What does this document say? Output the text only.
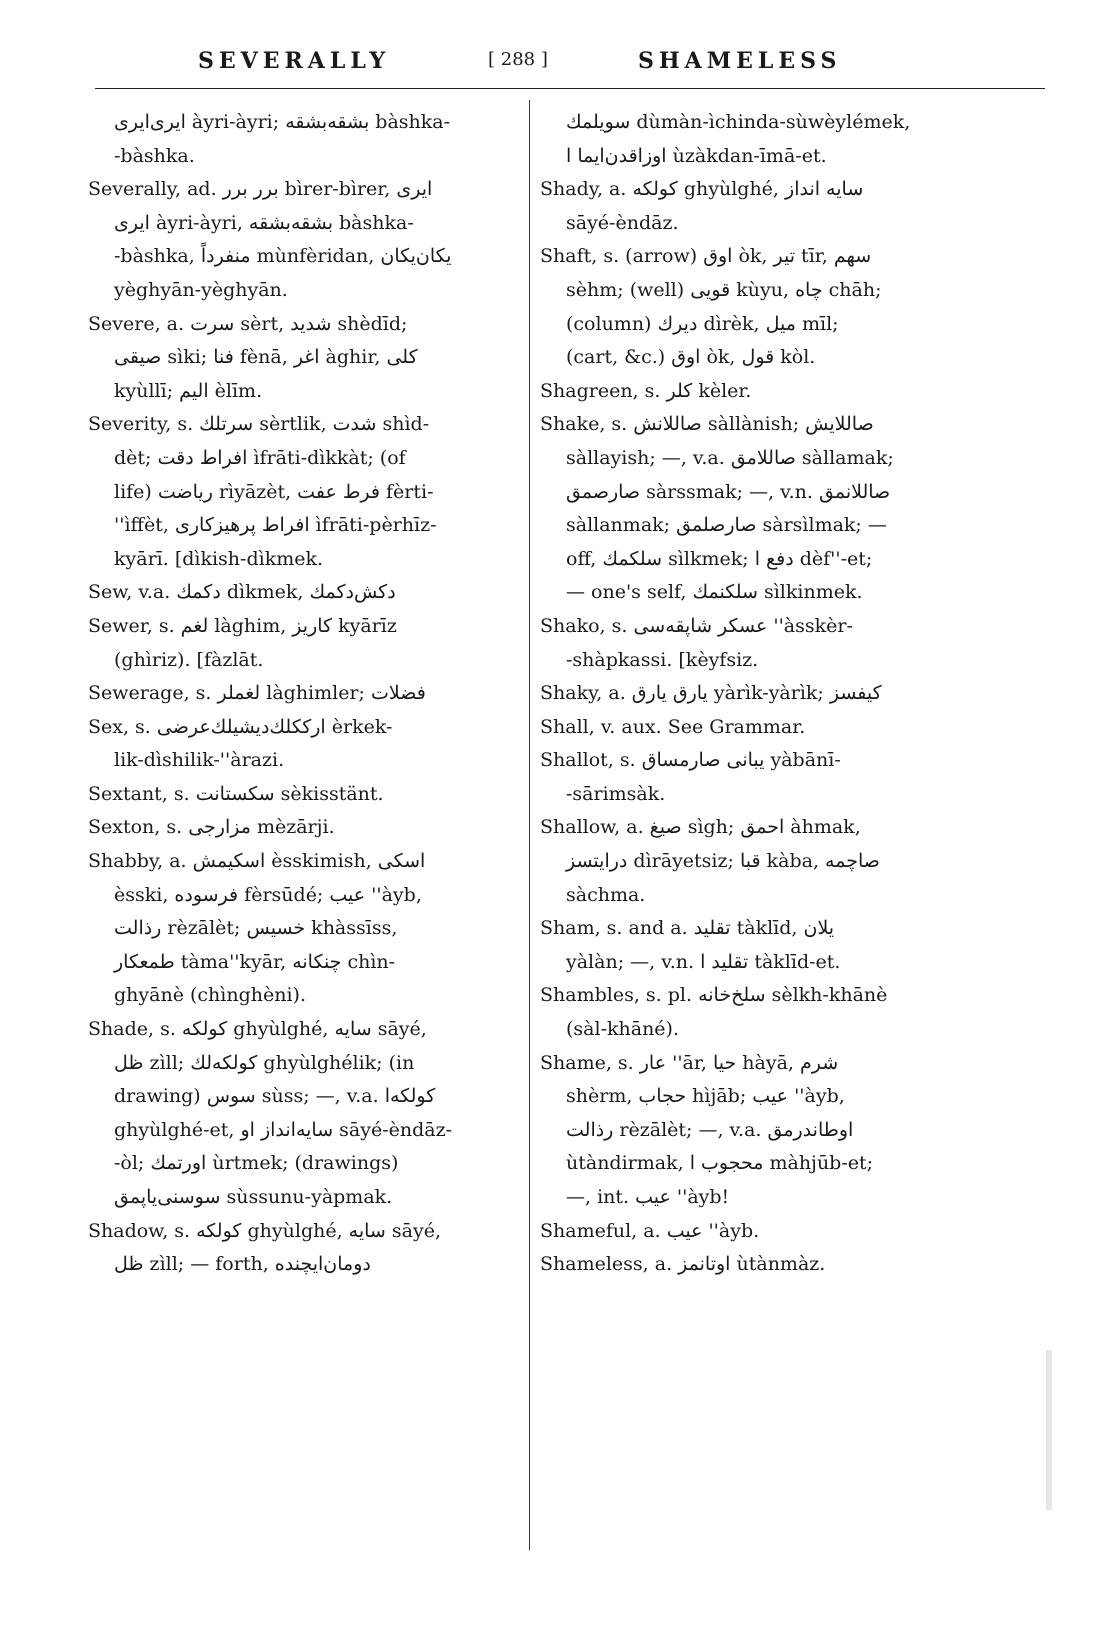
SEVERALLY	[ 288 ]	SHAMELESS
ایری‌ایری àyri-àyri; بشقه‌بشقه bàshka-
-bàshka.
Severally, ad. برر برر bìrer-bìrer, ایری
ایری àyri-àyri, بشقه‌بشقه bàshka-
-bàshka, منفرداً mùnfèridan, یکان‌یکان
yèghyān-yèghyān.
Severe, a. سرت sèrt, شدید shèdīd;
صیقی sìki; فنا fènā, اغر àghir, کلی
kyùllī; الیم èlīm.
Severity, s. سرتلك sèrtlik, شدت shìd-
dèt; افراط دقت ìfrāti-dìkkàt; (of
life) ریاضت rìyāzèt, فرط عفت fèrti-
''ìffèt, افراط پرهیزکاری ìfrāti-pèrhīz-
kyārī. [dìkish-dìkmek.
Sew, v.a. دکمك dìkmek, دکش‌دکمك
Sewer, s. لغم làghim, کاریز kyārīz
(ghìriz). [fàzlāt.
Sewerage, s. لغملر làghimler; فضلات
Sex, s. ارککلك‌دیشیلك‌عرضی èrkek-
lik-dìshilik-''àrazi.
Sextant, s. سکستانت sèkisstänt.
Sexton, s. مزارجی mèzārji.
Shabby, a. اسکیمش èsskimish, اسکی
èsski, فرسوده fèrsūdé; عیب ''àyb,
رذالت rèzālèt; خسیس khàssīss,
طمعکار tàma''kyār, چنکانه chìn-
ghyānè (chìnghèni).
Shade, s. کولکه ghyùlghé, سایه sāyé,
ظل zìll; کولکه‌لك ghyùlghélik; (in
drawing) سوس sùss; —, v.a. کولکه‌ا
ghyùlghé-et, سایه‌انداز او sāyé-èndāz-
-òl; اورتمك ùrtmek; (drawings)
سوسنی‌یاپمق sùssunu-yàpmak.
Shadow, s. کولکه ghyùlghé, سایه sāyé,
ظل zìll; — forth, دومان‌ایچنده
سویلمك dùmàn-ìchinda-sùwèylémek,
اوزاقدن‌ایما ا ùzàkdan-īmā-et.
Shady, a. کولکه ghyùlghé, سایه انداز
sāyé-èndāz.
Shaft, s. (arrow) اوق òk, تیر tīr, سهم
sèhm; (well) قویی kùyu, چاه chāh;
(column) دیرك dìrèk, میل mīl;
(cart, &c.) اوق òk, قول kòl.
Shagreen, s. کلر kèler.
Shake, s. صاللانش sàllànish; صاللایش
sàllayish; —, v.a. صاللامق sàllamak;
صارصمق sàrssmak; —, v.n. صاللانمق
sàllanmak; صارصلمق sàrsìlmak; —
off, سلکمك sìlkmek; دفع ا dèf''-et;
— one's self, سلکنمك sìlkinmek.
Shako, s. عسکر شاپقه‌سی ''àsskèr-
-shàpkassi. [kèyfsiz.
Shaky, a. یارق یارق yàrìk-yàrìk; کیفسز
Shall, v. aux. See Grammar.
Shallot, s. یبانی صارمساق yàbānī-
-sārimsàk.
Shallow, a. صیغ sìgh; احمق àhmak,
درایتسز dìrāyetsiz; قبا kàba, صاچمه
sàchma.
Sham, s. and a. تقلید tàklīd, یلان
yàlàn; —, v.n. تقلید ا tàklīd-et.
Shambles, s. pl. سلخ‌خانه sèlkh-khānè
(sàl-khāné).
Shame, s. عار ''ār, حیا hàyā, شرم
shèrm, حجاب hìjāb; عیب ''àyb,
رذالت rèzālèt; —, v.a. اوطاندرمق
ùtàndirmak, محجوب ا màhjūb-et;
—, int. عیب ''àyb!
Shameful, a. عیب ''àyb.
Shameless, a. اوتانمز ùtànmàz.
